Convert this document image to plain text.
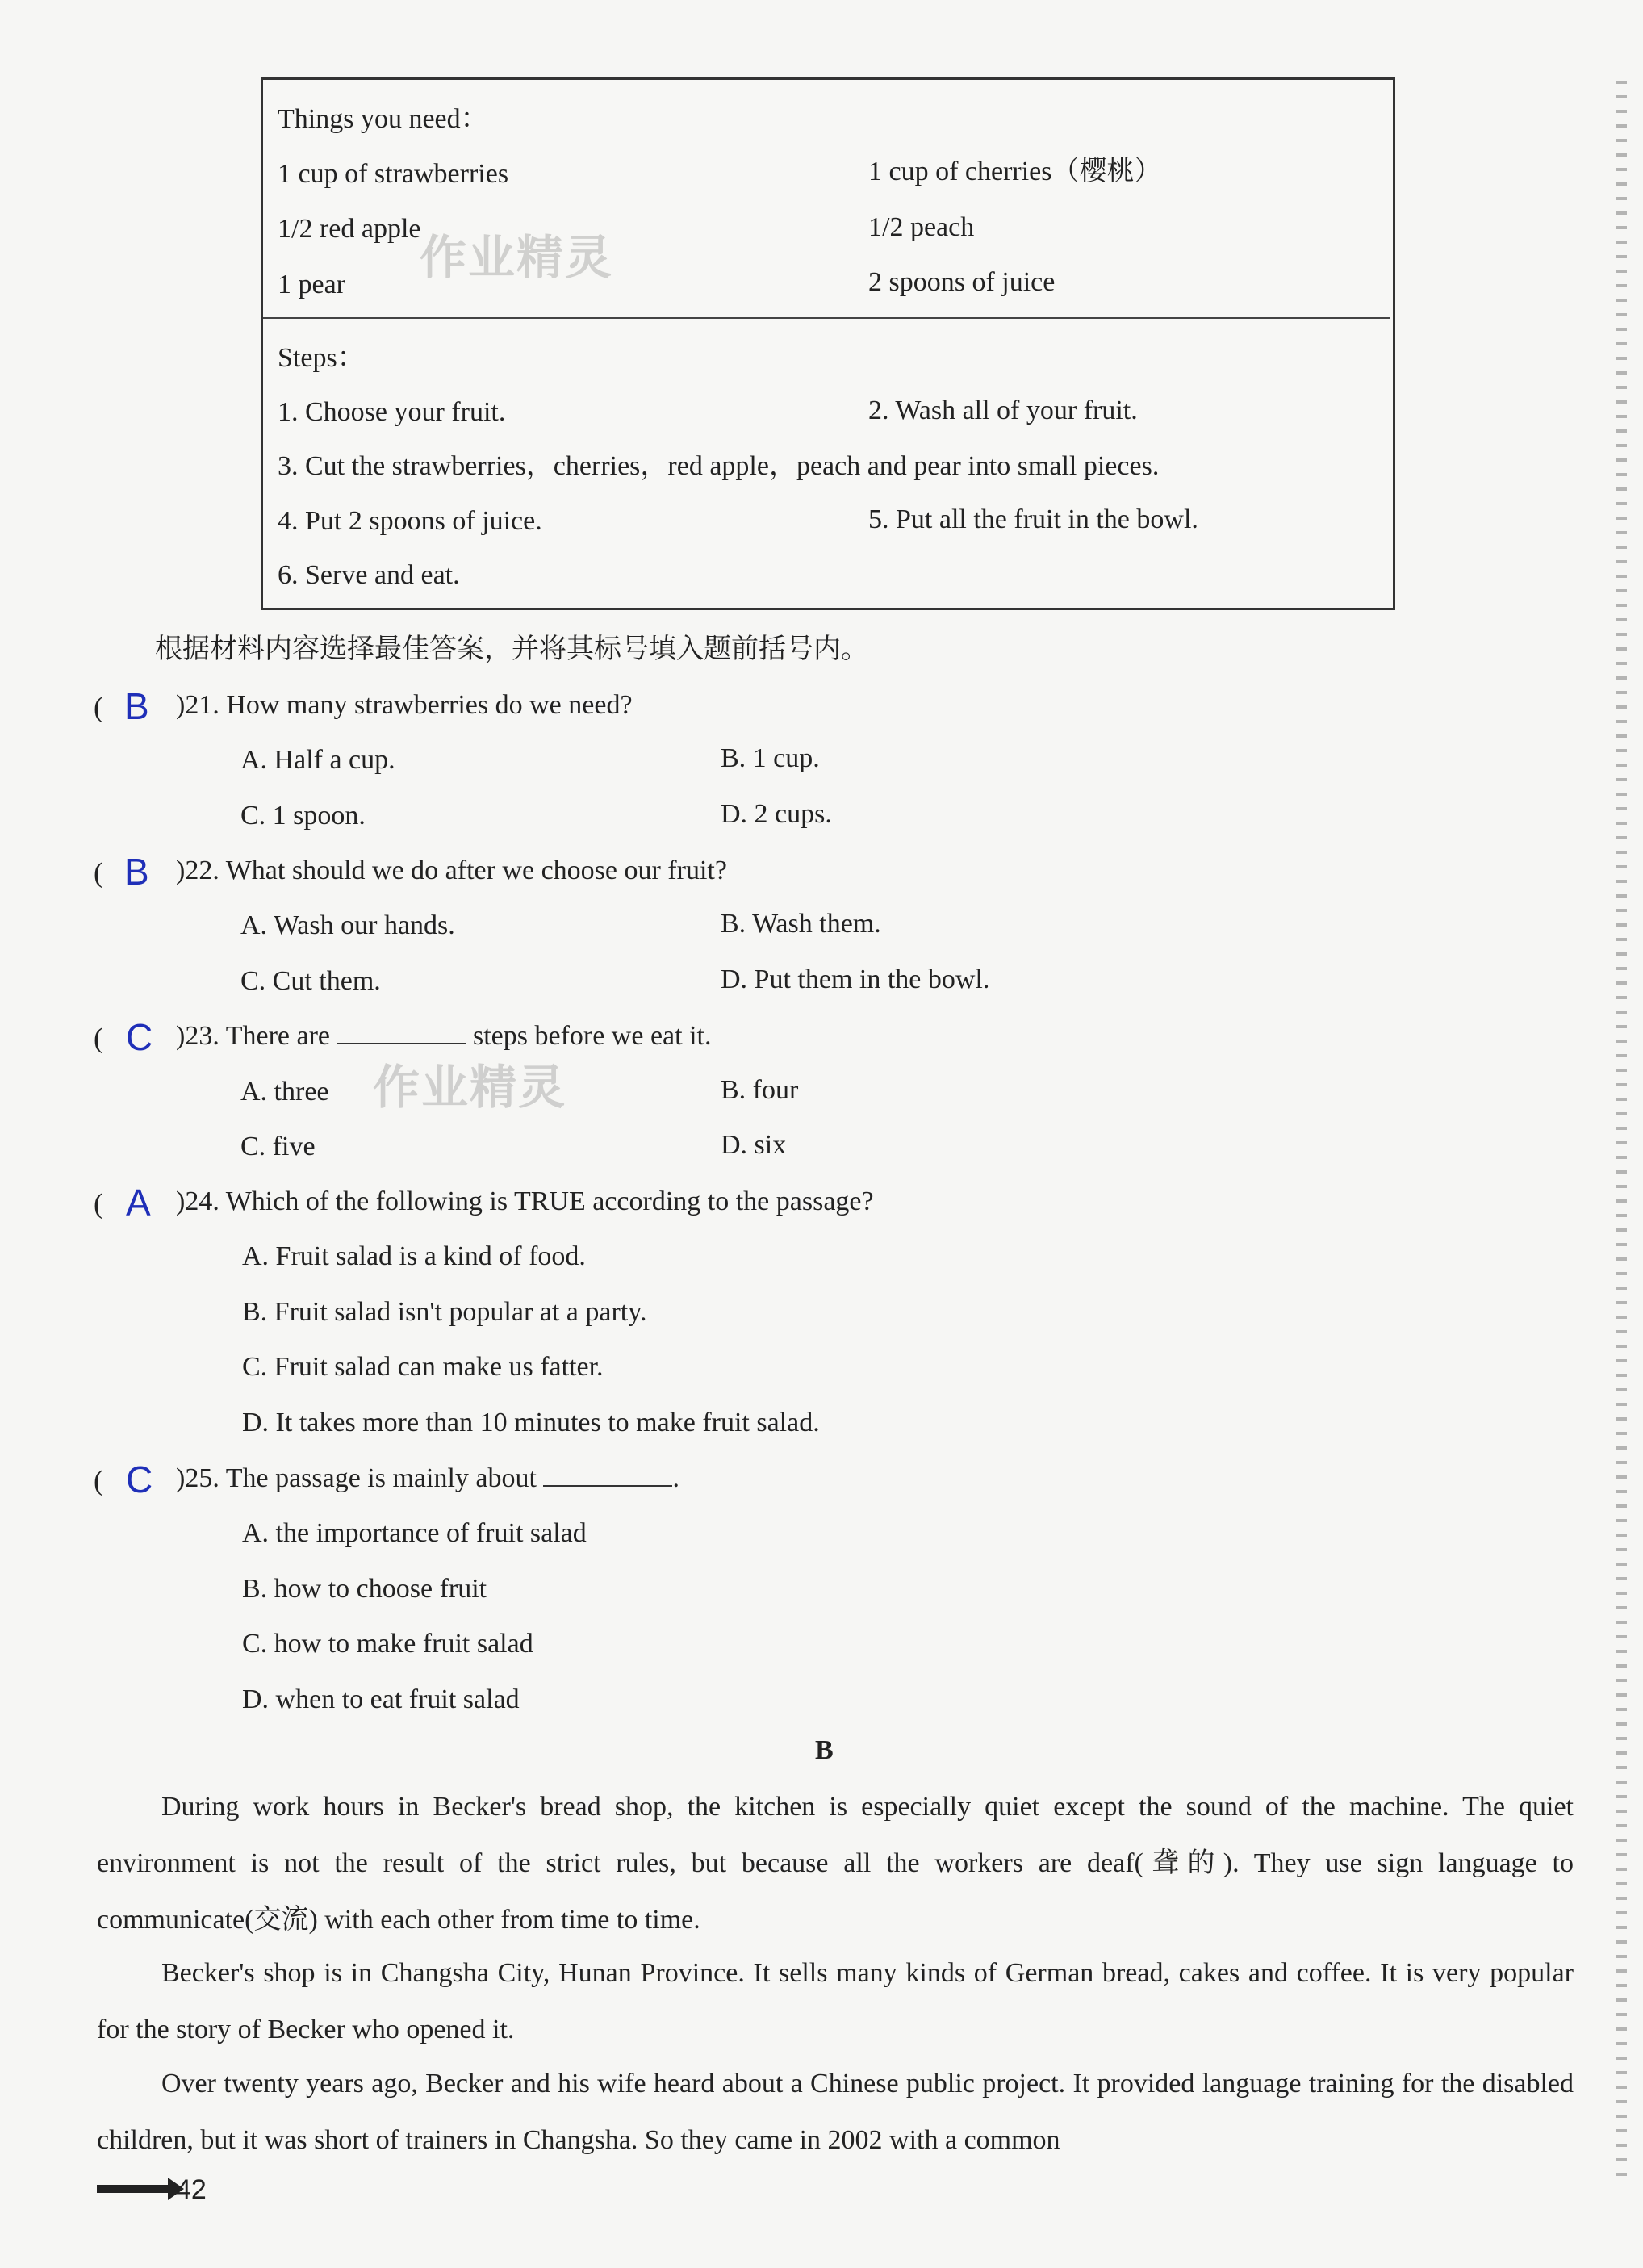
Things you need：
1 cup of strawberries	1 cup of cherries（樱桃）
1/2 red apple	1/2 peach
1 pear	2 spoons of juice
Steps：
1. Choose your fruit.	2. Wash all of your fruit.
3. Cut the strawberries，cherries，red apple，peach and pear into small pieces.
4. Put 2 spoons of juice.	5. Put all the fruit in the bowl.
6. Serve and eat.
作业精灵
根据材料内容选择最佳答案，并将其标号填入题前括号内。
( B )21. How many strawberries do we need?
A. Half a cup.	B. 1 cup.
C. 1 spoon.	D. 2 cups.
( B )22. What should we do after we choose our fruit?
A. Wash our hands.	B. Wash them.
C. Cut them.	D. Put them in the bowl.
( C )23. There are	steps before we eat it.
A. three	B. four
C. five	D. six
作业精灵
( A )24. Which of the following is TRUE according to the passage?
A. Fruit salad is a kind of food.
B. Fruit salad isn't popular at a party.
C. Fruit salad can make us fatter.
D. It takes more than 10 minutes to make fruit salad.
( C )25. The passage is mainly about	.
A. the importance of fruit salad
B. how to choose fruit
C. how to make fruit salad
D. when to eat fruit salad
B
During work hours in Becker's bread shop, the kitchen is especially quiet except the sound of the machine. The quiet environment is not the result of the strict rules, but because all the workers are deaf(聋的). They use sign language to communicate(交流) with each other from time to time.
Becker's shop is in Changsha City, Hunan Province. It sells many kinds of German bread, cakes and coffee. It is very popular for the story of Becker who opened it.
Over twenty years ago, Becker and his wife heard about a Chinese public project. It provided language training for the disabled children, but it was short of trainers in Changsha. So they came in 2002 with a common
42
